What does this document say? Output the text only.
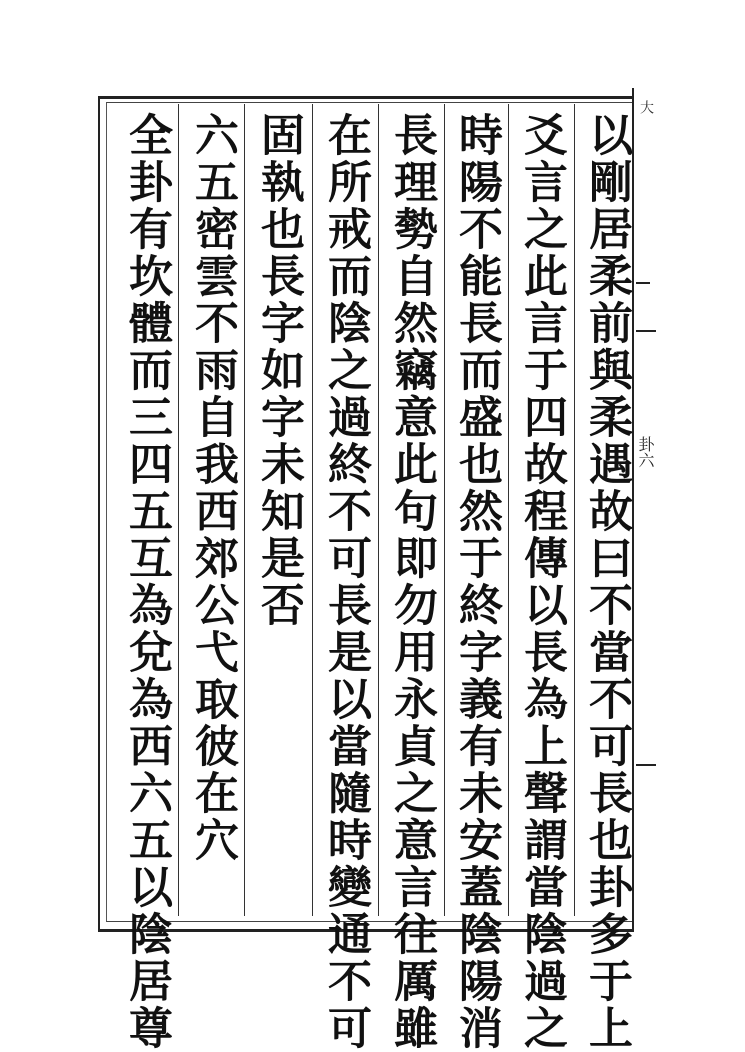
大
卦六
以剛居柔前與柔遇故曰不當不可長也卦多于上
爻言之此言于四故程傳以長為上聲謂當陰過之
時陽不能長而盛也然于終字義有未安蓋陰陽消
長理勢自然竊意此句即勿用永貞之意言往厲雖
在所戒而陰之過終不可長是以當隨時變通不可
固執也長字如字未知是否
六五密雲不雨自我西郊公弋取彼在穴
全卦有坎體而三四五互為兌為西六五以陰居尊
